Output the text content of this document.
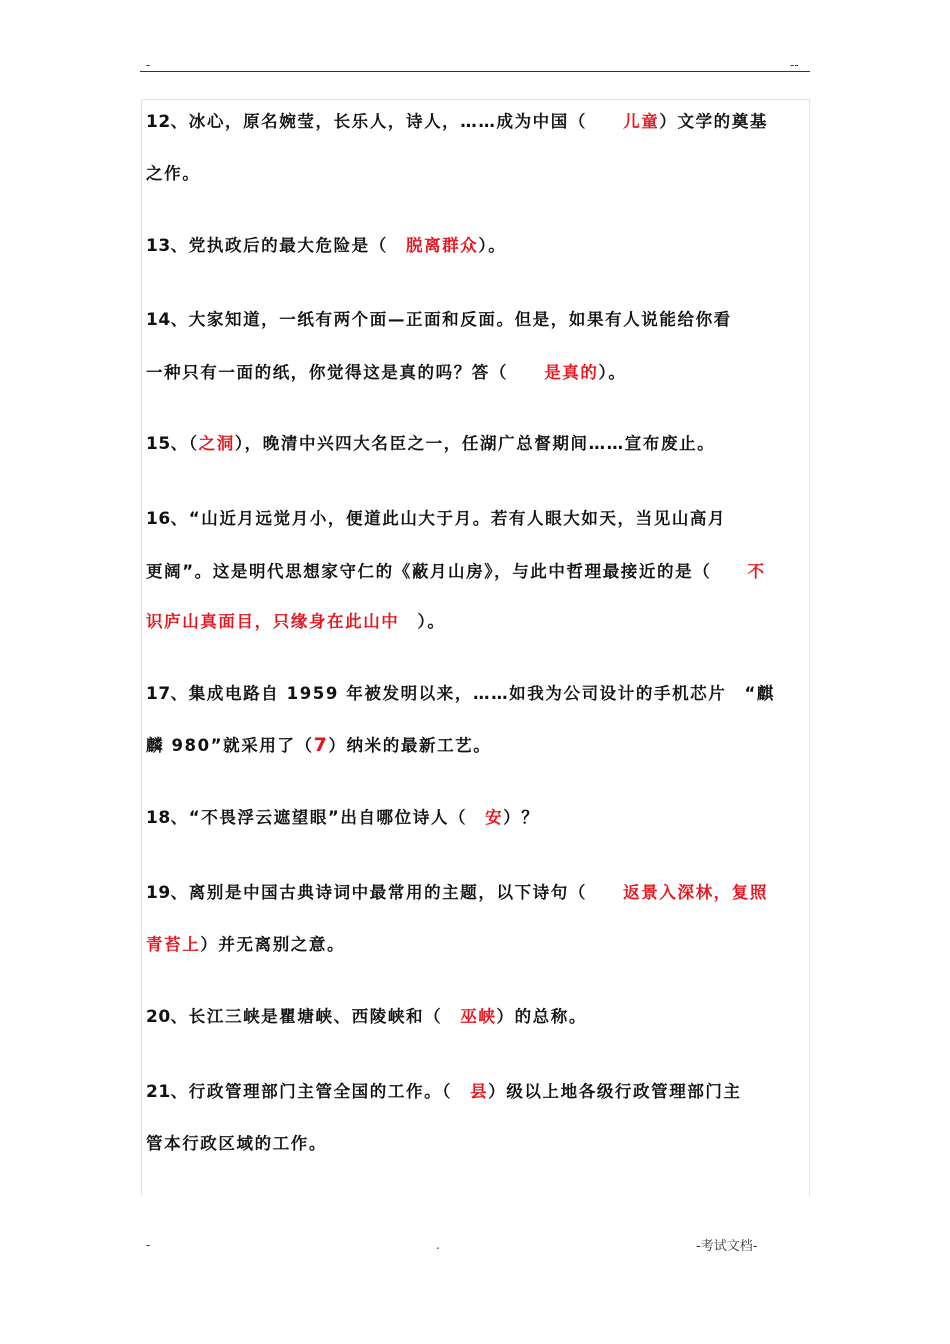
-	--
12、冰心，原名婉莹，长乐人，诗人，……成为中国（　　儿童）文学的奠基
之作。
13、党执政后的最大危险是（　脱离群众）。
14、大家知道，一纸有两个面—正面和反面。但是，如果有人说能给你看
一种只有一面的纸，你觉得这是真的吗？答（　　是真的）。
15、（之洞），晚清中兴四大名臣之一，任湖广总督期间……宣布废止。
16、“山近月远觉月小，便道此山大于月。若有人眼大如天，当见山高月
更阔”。这是明代思想家守仁的《蔽月山房》，与此中哲理最接近的是（　　不
识庐山真面目，只缘身在此山中　）。
17、集成电路自 1959 年被发明以来，……如我为公司设计的手机芯片　“麒
麟 980”就采用了（7）纳米的最新工艺。
18、“不畏浮云遮望眼”出自哪位诗人（　安）？
19、离别是中国古典诗词中最常用的主题，以下诗句（　　返景入深林，复照
青苔上）并无离别之意。
20、长江三峡是瞿塘峡、西陵峡和（　巫峡）的总称。
21、行政管理部门主管全国的工作。（　县）级以上地各级行政管理部门主
管本行政区域的工作。
-	.	-考试文档-
